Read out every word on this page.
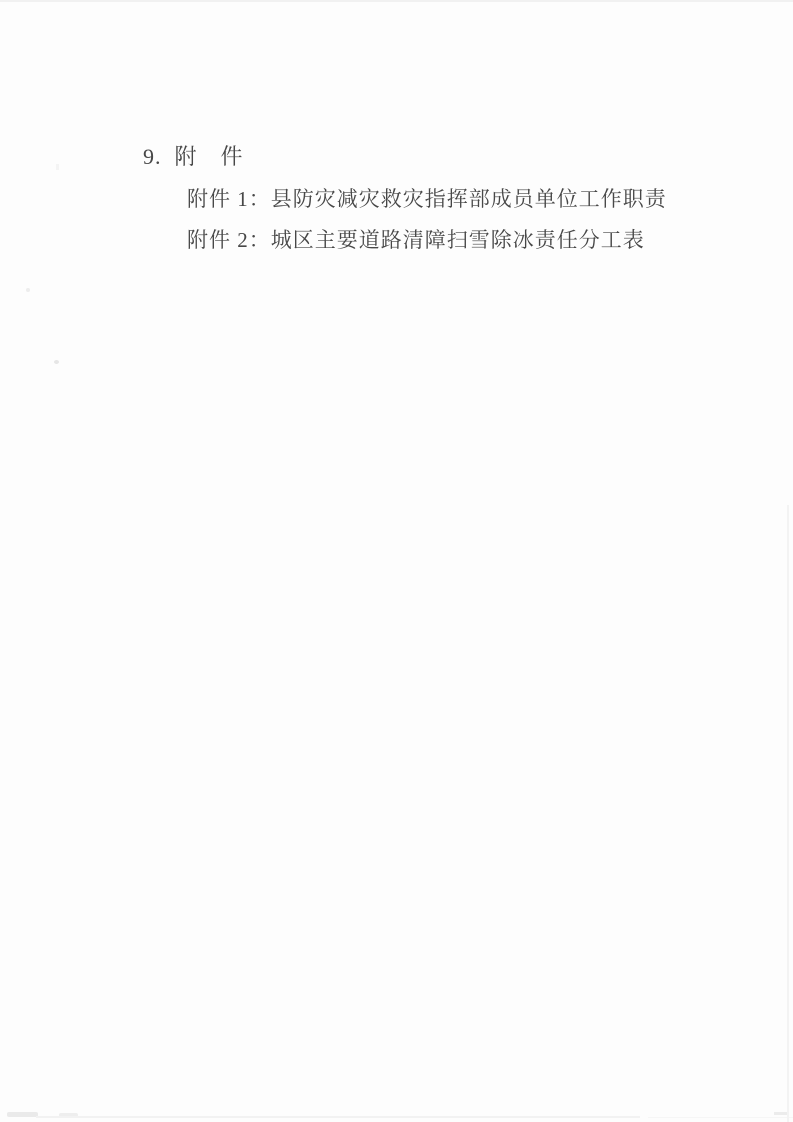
9.  附　件
附件 1：县防灾减灾救灾指挥部成员单位工作职责
附件 2：城区主要道路清障扫雪除冰责任分工表
